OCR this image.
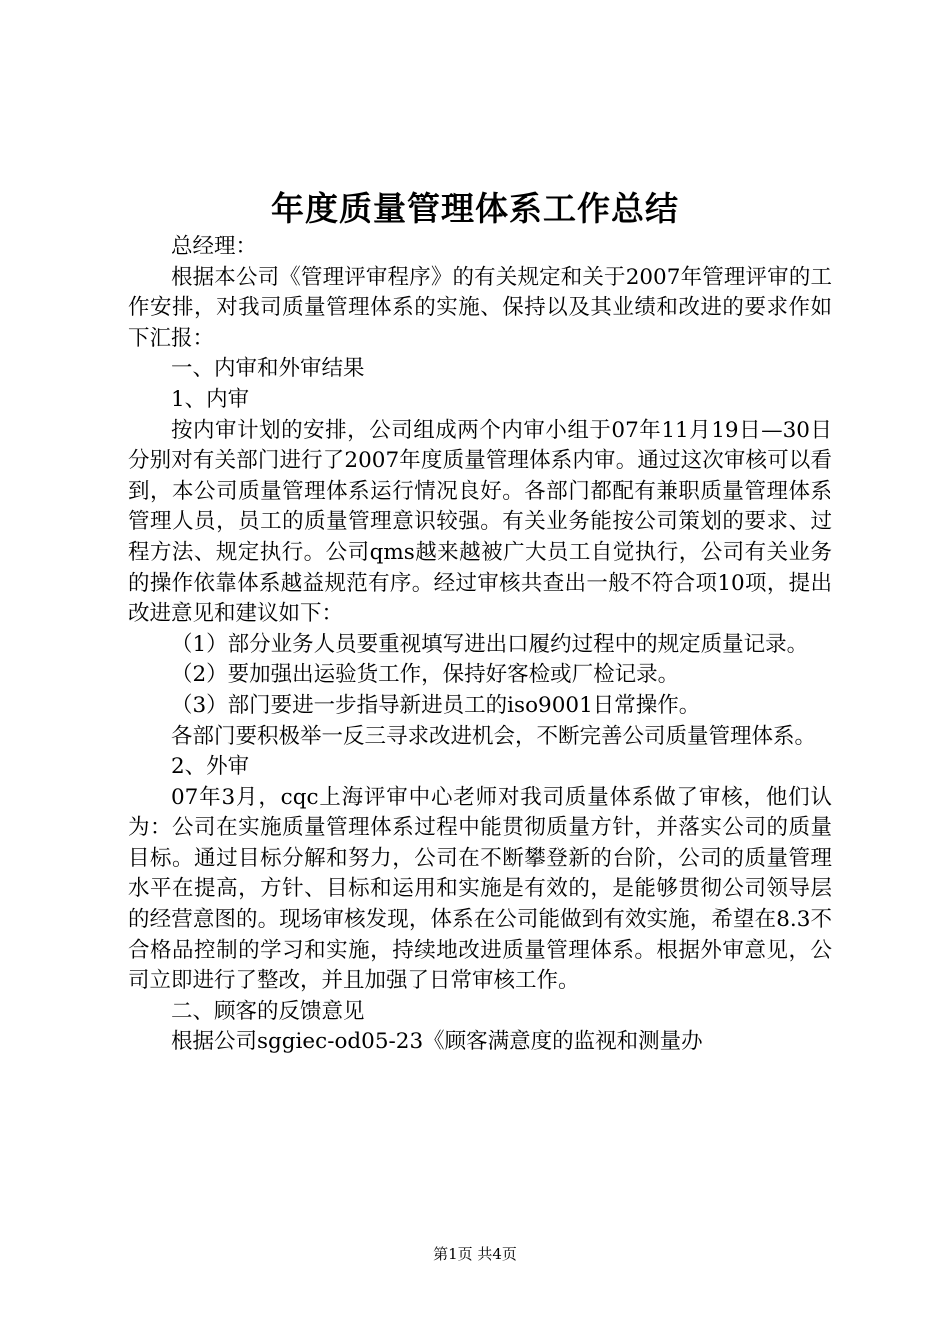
年度质量管理体系工作总结

总经理：

根据本公司《管理评审程序》的有关规定和关于2007年管理评审的工作安排，对我司质量管理体系的实施、保持以及其业绩和改进的要求作如下汇报：

一、内审和外审结果

1、内审

按内审计划的安排，公司组成两个内审小组于07年11月19日—30日分别对有关部门进行了2007年度质量管理体系内审。通过这次审核可以看到，本公司质量管理体系运行情况良好。各部门都配有兼职质量管理体系管理人员，员工的质量管理意识较强。有关业务能按公司策划的要求、过程方法、规定执行。公司qms越来越被广大员工自觉执行，公司有关业务的操作依靠体系越益规范有序。经过审核共查出一般不符合项10项，提出改进意见和建议如下：

（1）部分业务人员要重视填写进出口履约过程中的规定质量记录。

（2）要加强出运验货工作，保持好客检或厂检记录。

（3）部门要进一步指导新进员工的iso9001日常操作。

各部门要积极举一反三寻求改进机会，不断完善公司质量管理体系。

2、外审

07年3月，cqc上海评审中心老师对我司质量体系做了审核，他们认为：公司在实施质量管理体系过程中能贯彻质量方针，并落实公司的质量目标。通过目标分解和努力，公司在不断攀登新的台阶，公司的质量管理水平在提高，方针、目标和运用和实施是有效的，是能够贯彻公司领导层的经营意图的。现场审核发现，体系在公司能做到有效实施，希望在8.3不合格品控制的学习和实施，持续地改进质量管理体系。根据外审意见，公司立即进行了整改，并且加强了日常审核工作。

二、顾客的反馈意见

根据公司sggiec-od05-23《顾客满意度的监视和测量办

第1页 共4页
